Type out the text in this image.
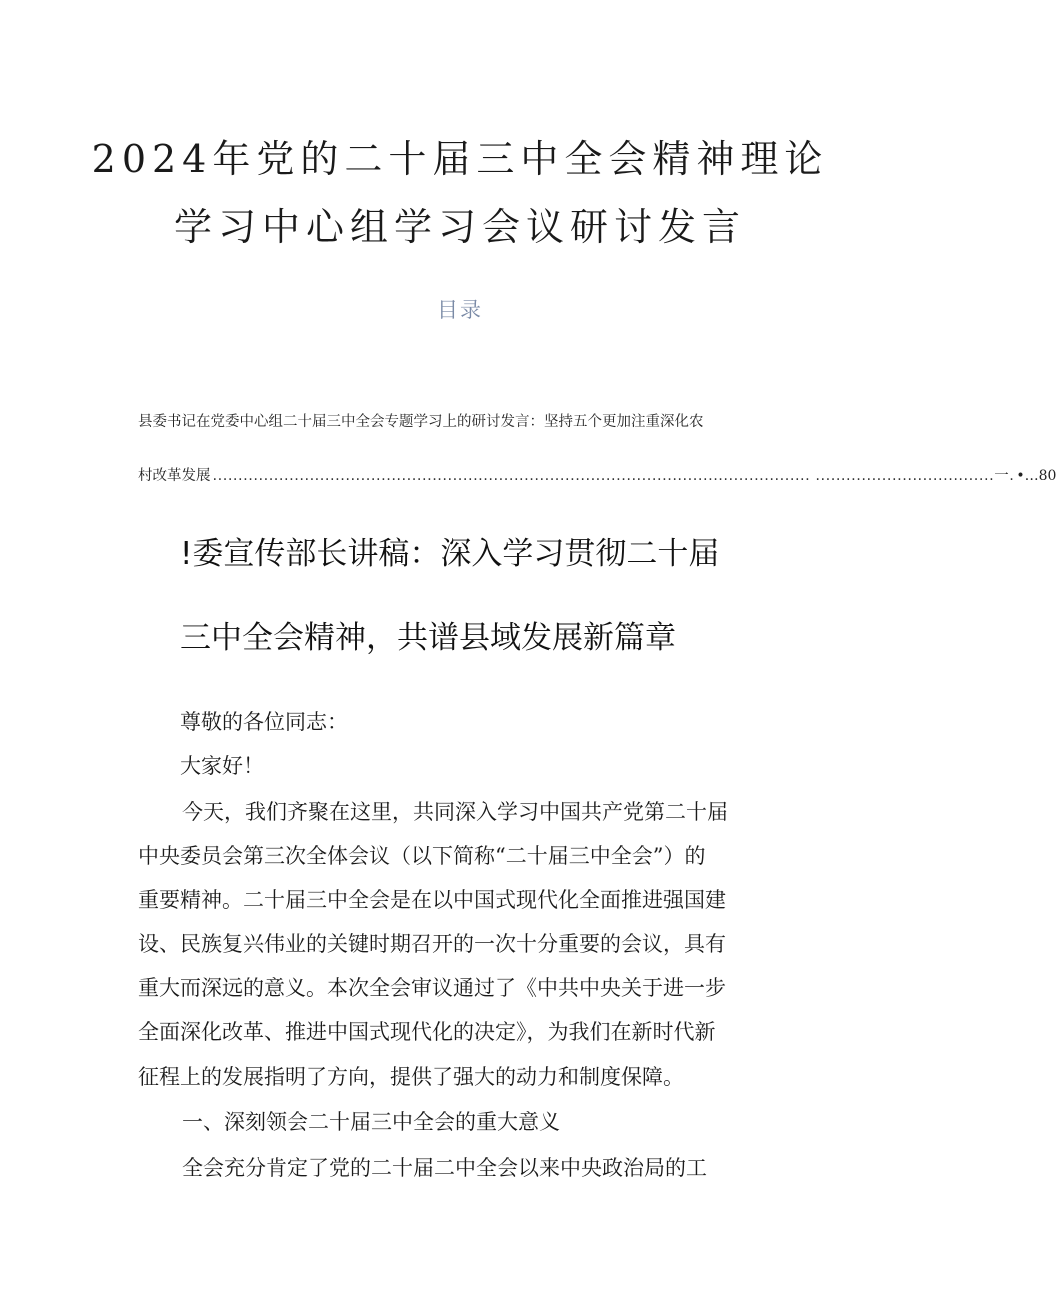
2024年党的二十届三中全会精神理论
学习中心组学习会议研讨发言
目录
县委书记在党委中心组二十届三中全会专题学习上的研讨发言：坚持五个更加注重深化农
村改革发展 ..................................................................................................................... ...................................一. •…80
!委宣传部长讲稿：深入学习贯彻二十届
三中全会精神，共谱县域发展新篇章
尊敬的各位同志：
大家好！
今天，我们齐聚在这里，共同深入学习中国共产党第二十届
中央委员会第三次全体会议（以下简称“二十届三中全会”）的
重要精神。二十届三中全会是在以中国式现代化全面推进强国建
设、民族复兴伟业的关键时期召开的一次十分重要的会议，具有
重大而深远的意义。本次全会审议通过了《中共中央关于进一步
全面深化改革、推进中国式现代化的决定》，为我们在新时代新
征程上的发展指明了方向，提供了强大的动力和制度保障。
一、深刻领会二十届三中全会的重大意义
全会充分肯定了党的二十届二中全会以来中央政治局的工
